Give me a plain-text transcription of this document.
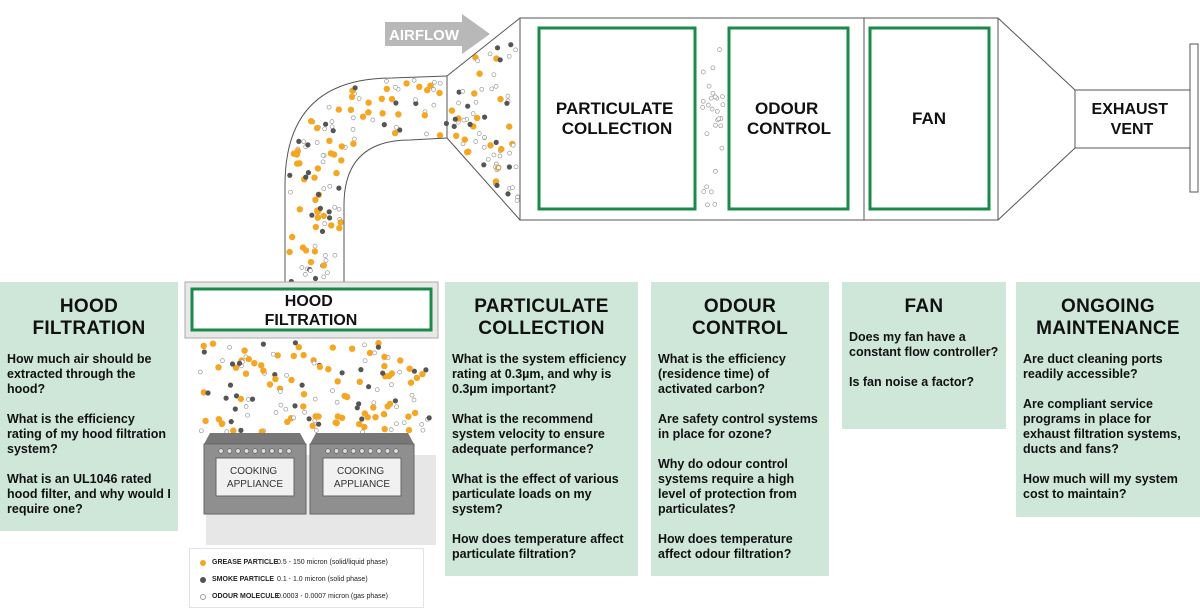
AIRFLOW
PARTICULATE COLLECTION
ODOUR CONTROL
FAN	EXHAUST VENT
HOOD FILTRATION
COOKING APPLIANCE
COOKING APPLIANCE
HOOD
FILTRATION

How much air should be extracted through the hood?

What is the efficiency rating of my hood filtration system?

What is an UL1046 rated hood filter, and why would I require one?

PARTICULATE
COLLECTION

What is the system efficiency rating at 0.3µm, and why is 0.3µm important?

What is the recommend system velocity to ensure adequate performance?

What is the effect of various particulate loads on my system?

How does temperature affect particulate filtration?

ODOUR
CONTROL

What is the efficiency (residence time) of activated carbon?

Are safety control systems in place for ozone?

Why do odour control systems require a high level of protection from particulates?

How does temperature affect odour filtration?

FAN

Does my fan have a constant flow controller?

Is fan noise a factor?

ONGOING
MAINTENANCE

Are duct cleaning ports readily accessible?

Are compliant service programs in place for exhaust filtration systems, ducts and fans?

How much will my system cost to maintain?

GREASE PARTICLE 0.5 - 150 micron (solid/liquid phase)
SMOKE PARTICLE 0.1 - 1.0 micron (solid phase)
ODOUR MOLECULE
0.0003 - 0.0007 micron (gas phase)
